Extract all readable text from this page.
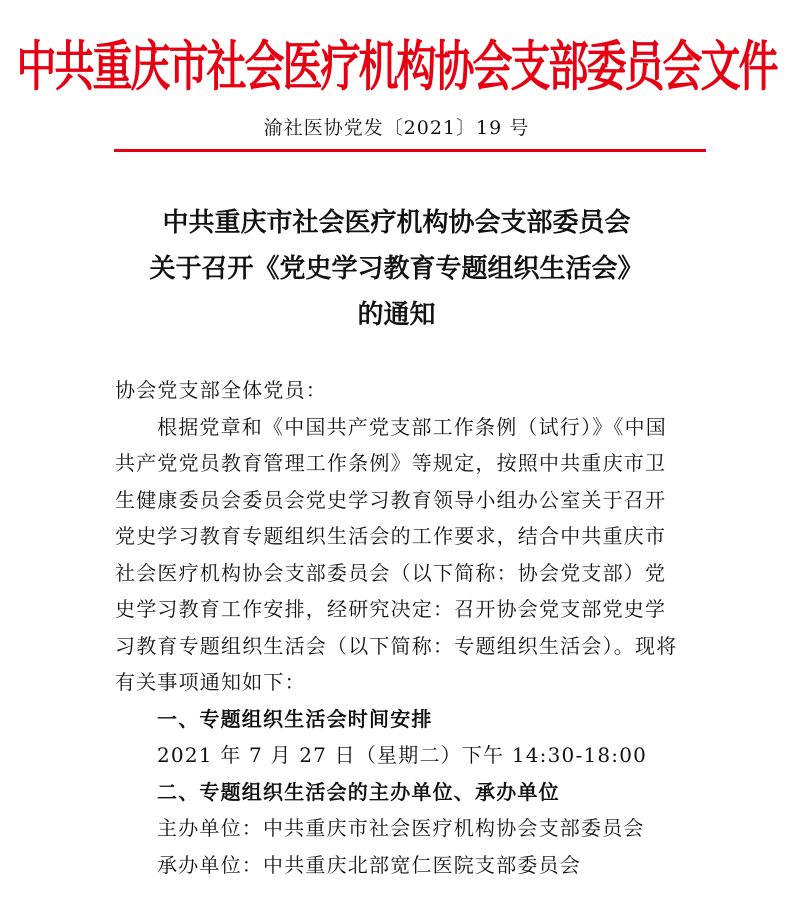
中共重庆市社会医疗机构协会支部委员会文件
渝社医协党发〔2021〕19 号
中共重庆市社会医疗机构协会支部委员会
关于召开《党史学习教育专题组织生活会》
的通知

协会党支部全体党员：

根据党章和《中国共产党支部工作条例（试行）》《中国共产党党员教育管理工作条例》等规定，按照中共重庆市卫生健康委员会委员会党史学习教育领导小组办公室关于召开党史学习教育专题组织生活会的工作要求，结合中共重庆市社会医疗机构协会支部委员会（以下简称：协会党支部）党史学习教育工作安排，经研究决定：召开协会党支部党史学习教育专题组织生活会（以下简称：专题组织生活会）。现将有关事项通知如下：

一、专题组织生活会时间安排

2021 年 7 月 27 日（星期二）下午 14:30-18:00

二、专题组织生活会的主办单位、承办单位

主办单位：中共重庆市社会医疗机构协会支部委员会

承办单位：中共重庆北部宽仁医院支部委员会
